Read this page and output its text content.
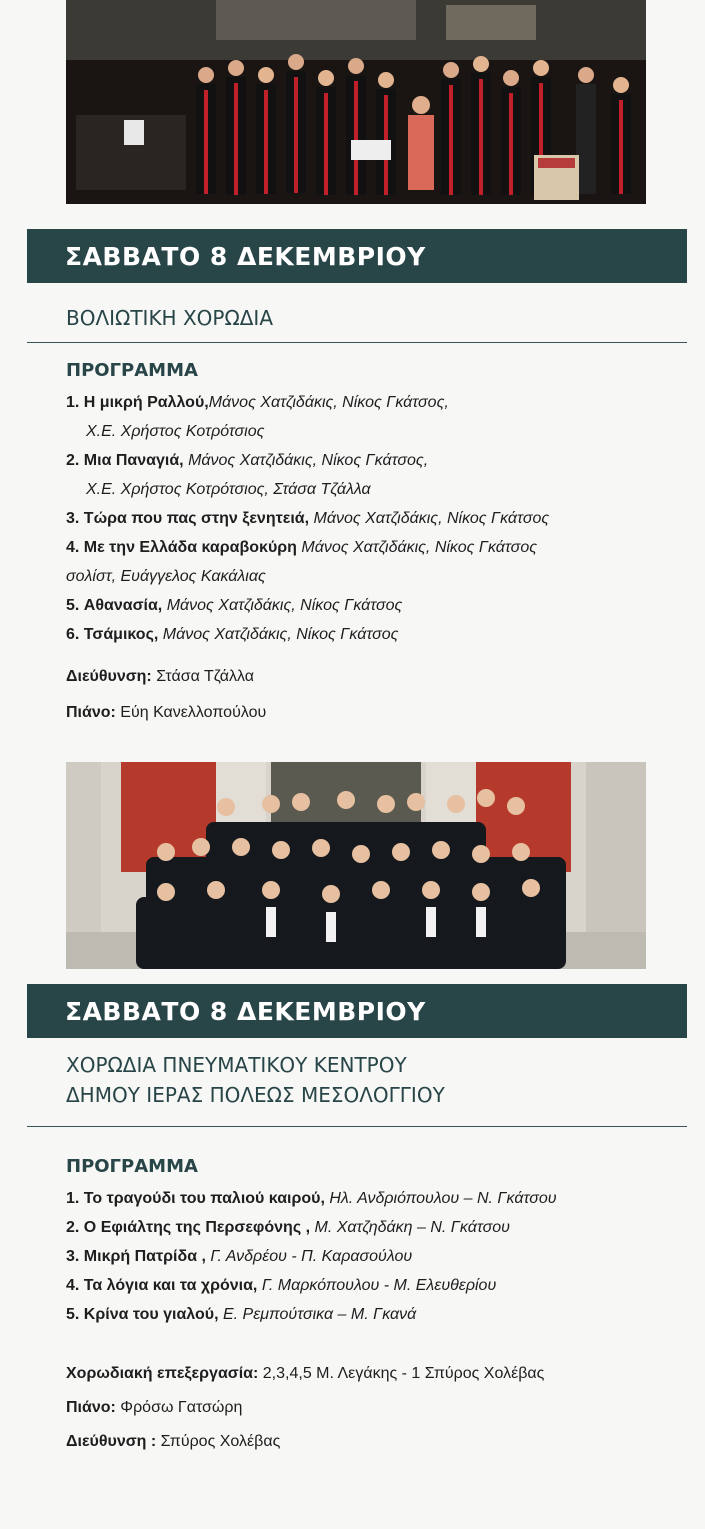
ΣΑΒΒΑΤΟ 8 ΔΕΚΕΜΒΡΙΟΥ
ΒΟΛΙΩΤΙΚΗ ΧΟΡΩΔΙΑ
ΠΡΟΓΡΑΜΜΑ
1. Η μικρή Ραλλού,Μάνος Χατζιδάκις, Νίκος Γκάτσος,
Χ.Ε. Χρήστος Κοτρότσιος
2. Μια Παναγιά, Μάνος Χατζιδάκις, Νίκος Γκάτσος,
Χ.Ε. Χρήστος Κοτρότσιος, Στάσα Τζάλλα
3. Τώρα που πας στην ξενητειά, Μάνος Χατζιδάκις, Νίκος Γκάτσος
4. Με την Ελλάδα καραβοκύρη Μάνος Χατζιδάκις, Νίκος Γκάτσος
σολίστ, Ευάγγελος Κακάλιας
5. Αθανασία, Μάνος Χατζιδάκις, Νίκος Γκάτσος
6. Τσάμικος, Μάνος Χατζιδάκις, Νίκος Γκάτσος
Διεύθυνση: Στάσα Τζάλλα
Πιάνο: Εύη Κανελλοπούλου
ΣΑΒΒΑΤΟ 8 ΔΕΚΕΜΒΡΙΟΥ
ΧΟΡΩΔΙΑ ΠΝΕΥΜΑΤΙΚΟΥ ΚΕΝΤΡΟΥ
ΔΗΜΟΥ ΙΕΡΑΣ ΠΟΛΕΩΣ ΜΕΣΟΛΟΓΓΙΟΥ
ΠΡΟΓΡΑΜΜΑ
1. Το τραγούδι του παλιού καιρού, Ηλ. Ανδριόπουλου – Ν. Γκάτσου
2. Ο Εφιάλτης της Περσεφόνης , Μ. Χατζηδάκη – Ν. Γκάτσου
3. Μικρή Πατρίδα , Γ. Ανδρέου - Π. Καρασούλου
4. Τα λόγια και τα χρόνια, Γ. Μαρκόπουλου - Μ. Ελευθερίου
5. Κρίνα του γιαλού, Ε. Ρεμπούτσικα – Μ. Γκανά
Χορωδιακή επεξεργασία: 2,3,4,5 Μ. Λεγάκης - 1 Σπύρος Χολέβας
Πιάνο: Φρόσω Γατσώρη
Διεύθυνση : Σπύρος Χολέβας
